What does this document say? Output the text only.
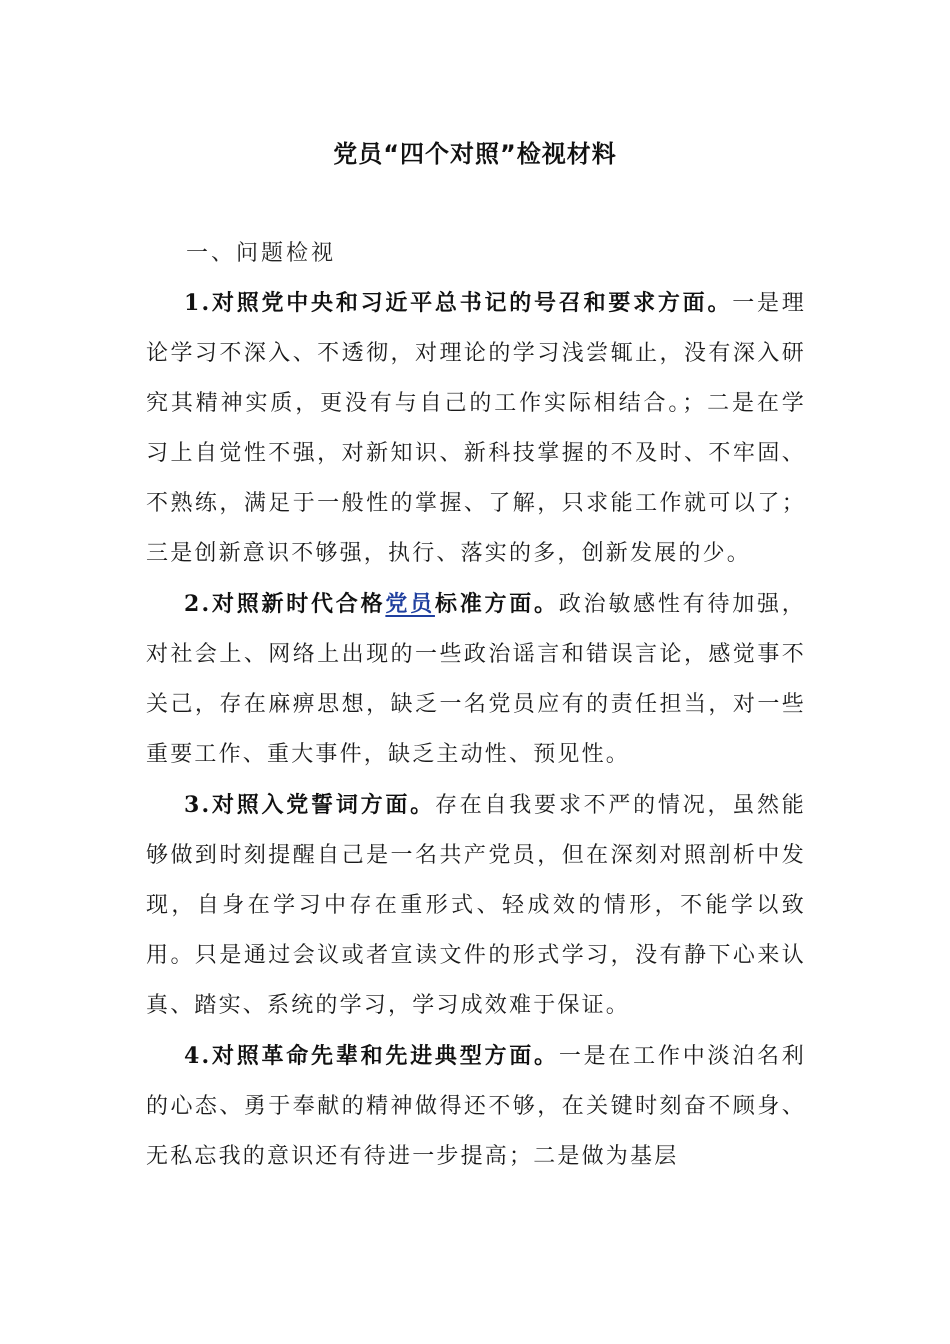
党员“四个对照”检视材料
一、问题检视

1.对照党中央和习近平总书记的号召和要求方面。一是理论学习不深入、不透彻，对理论的学习浅尝辄止，没有深入研究其精神实质，更没有与自己的工作实际相结合。；二是在学习上自觉性不强，对新知识、新科技掌握的不及时、不牢固、不熟练，满足于一般性的掌握、了解，只求能工作就可以了；三是创新意识不够强，执行、落实的多，创新发展的少。

2.对照新时代合格党员标准方面。政治敏感性有待加强，对社会上、网络上出现的一些政治谣言和错误言论，感觉事不关己，存在麻痹思想，缺乏一名党员应有的责任担当，对一些重要工作、重大事件，缺乏主动性、预见性。

3.对照入党誓词方面。存在自我要求不严的情况，虽然能够做到时刻提醒自己是一名共产党员，但在深刻对照剖析中发现，自身在学习中存在重形式、轻成效的情形，不能学以致用。只是通过会议或者宣读文件的形式学习，没有静下心来认真、踏实、系统的学习，学习成效难于保证。

4.对照革命先辈和先进典型方面。一是在工作中淡泊名利的心态、勇于奉献的精神做得还不够，在关键时刻奋不顾身、无私忘我的意识还有待进一步提高；二是做为基层
